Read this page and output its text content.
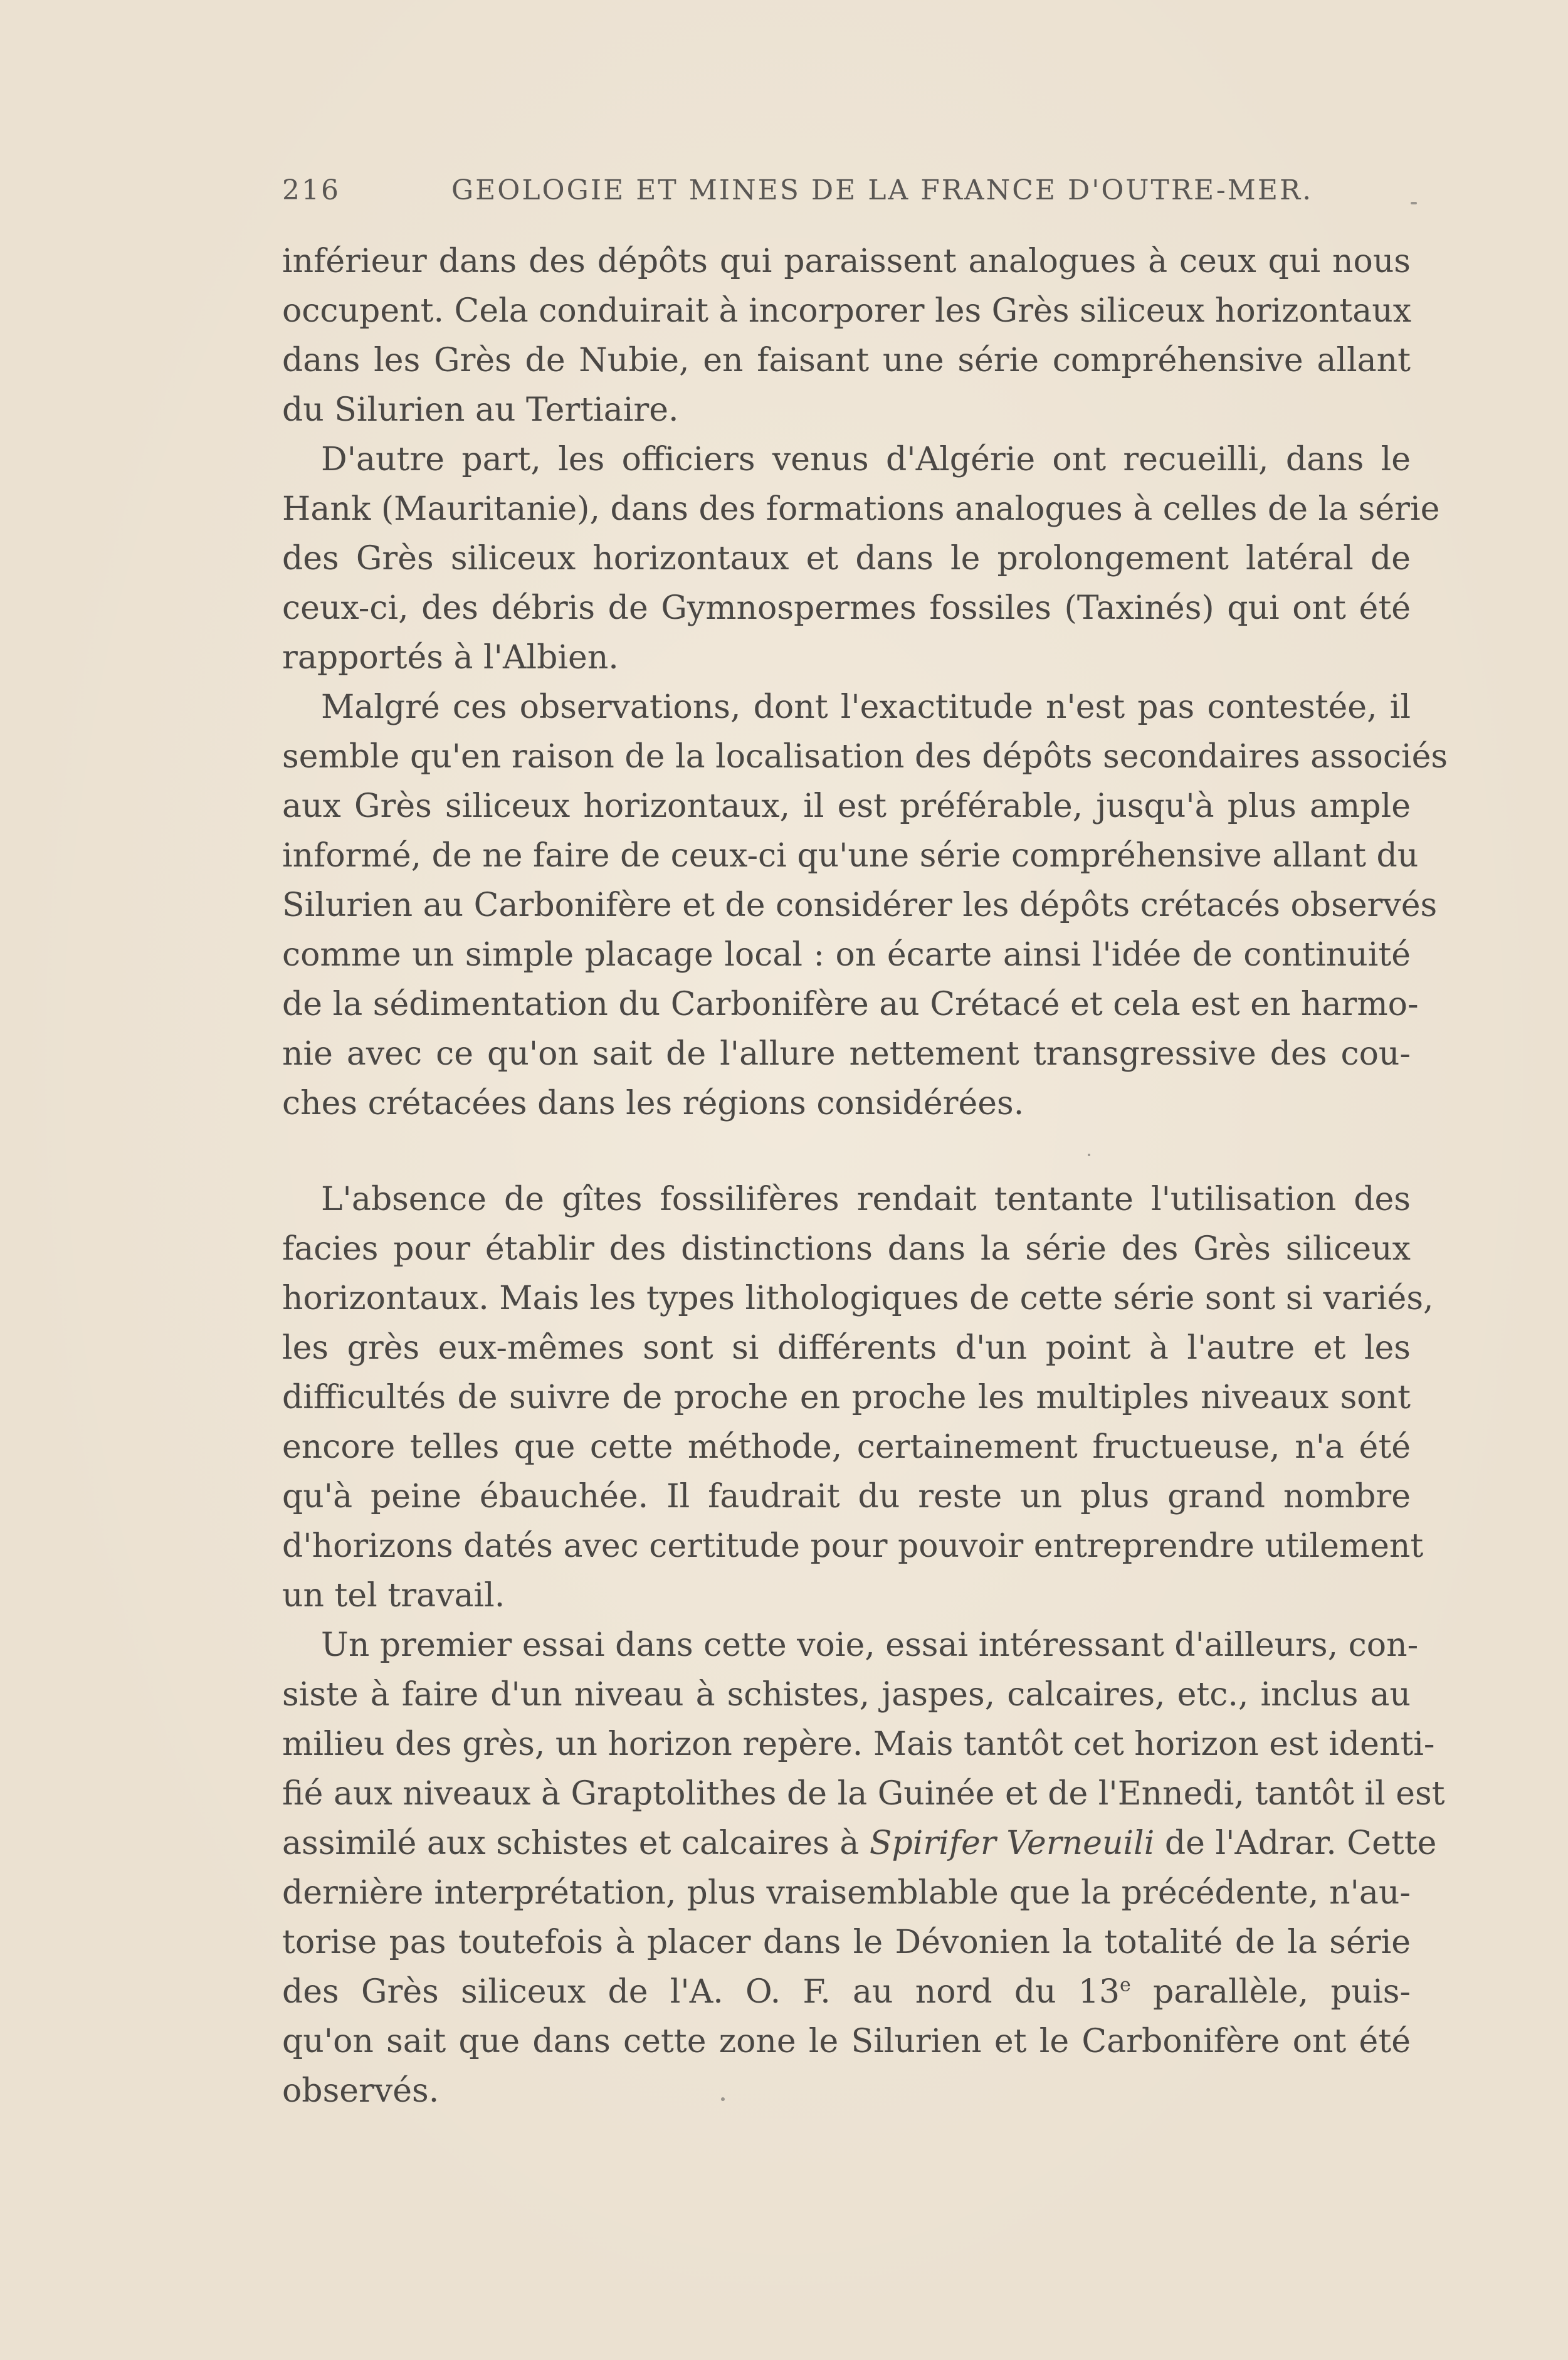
216	GEOLOGIE ET MINES DE LA FRANCE D'OUTRE-MER.
inférieur dans des dépôts qui paraissent analogues à ceux qui nous
occupent. Cela conduirait à incorporer les Grès siliceux horizontaux
dans les Grès de Nubie, en faisant une série compréhensive allant
du Silurien au Tertiaire.
D'autre part, les officiers venus d'Algérie ont recueilli, dans le
Hank (Mauritanie), dans des formations analogues à celles de la série
des Grès siliceux horizontaux et dans le prolongement latéral de
ceux-ci, des débris de Gymnospermes fossiles (Taxinés) qui ont été
rapportés à l'Albien.
Malgré ces observations, dont l'exactitude n'est pas contestée, il
semble qu'en raison de la localisation des dépôts secondaires associés
aux Grès siliceux horizontaux, il est préférable, jusqu'à plus ample
informé, de ne faire de ceux-ci qu'une série compréhensive allant du
Silurien au Carbonifère et de considérer les dépôts crétacés observés
comme un simple placage local : on écarte ainsi l'idée de continuité
de la sédimentation du Carbonifère au Crétacé et cela est en harmo-
nie avec ce qu'on sait de l'allure nettement transgressive des cou-
ches crétacées dans les régions considérées.
L'absence de gîtes fossilifères rendait tentante l'utilisation des
facies pour établir des distinctions dans la série des Grès siliceux
horizontaux. Mais les types lithologiques de cette série sont si variés,
les grès eux-mêmes sont si différents d'un point à l'autre et les
difficultés de suivre de proche en proche les multiples niveaux sont
encore telles que cette méthode, certainement fructueuse, n'a été
qu'à peine ébauchée. Il faudrait du reste un plus grand nombre
d'horizons datés avec certitude pour pouvoir entreprendre utilement
un tel travail.
Un premier essai dans cette voie, essai intéressant d'ailleurs, con-
siste à faire d'un niveau à schistes, jaspes, calcaires, etc., inclus au
milieu des grès, un horizon repère. Mais tantôt cet horizon est identi-
fié aux niveaux à Graptolithes de la Guinée et de l'Ennedi, tantôt il est
assimilé aux schistes et calcaires à Spirifer Verneuili de l'Adrar. Cette
dernière interprétation, plus vraisemblable que la précédente, n'au-
torise pas toutefois à placer dans le Dévonien la totalité de la série
des Grès siliceux de l'A. O. F. au nord du 13e parallèle, puis-
qu'on sait que dans cette zone le Silurien et le Carbonifère ont été
observés.
